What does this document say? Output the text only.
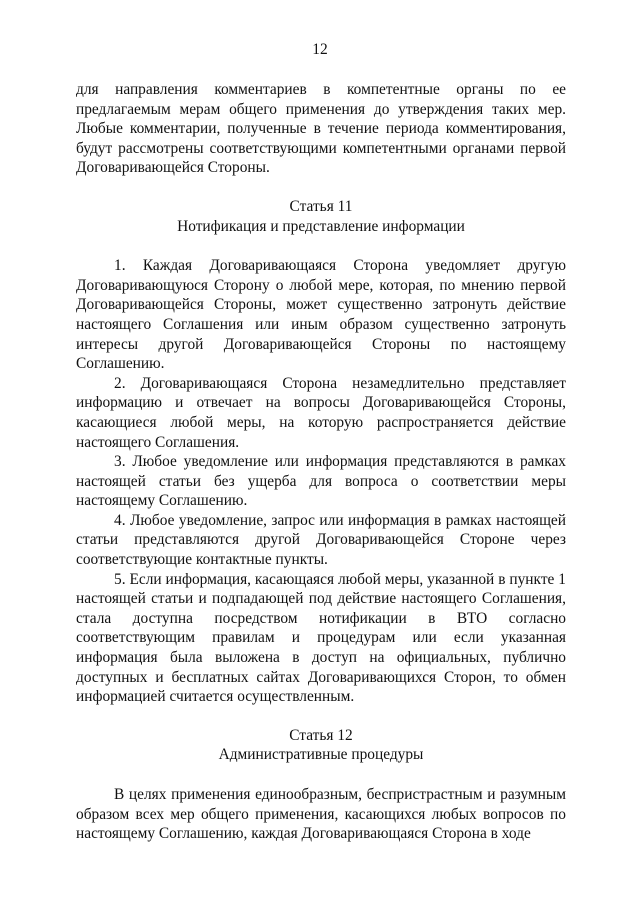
12

для направления комментариев в компетентные органы по ее предлагаемым мерам общего применения до утверждения таких мер. Любые комментарии, полученные в течение периода комментирования, будут рассмотрены соответствующими компетентными органами первой Договаривающейся Стороны.

Статья 11

Нотификация и представление информации

1. Каждая Договаривающаяся Сторона уведомляет другую Договаривающуюся Сторону о любой мере, которая, по мнению первой Договаривающейся Стороны, может существенно затронуть действие настоящего Соглашения или иным образом существенно затронуть интересы другой Договаривающейся Стороны по настоящему Соглашению.

2. Договаривающаяся Сторона незамедлительно представляет информацию и отвечает на вопросы Договаривающейся Стороны, касающиеся любой меры, на которую распространяется действие настоящего Соглашения.

3. Любое уведомление или информация представляются в рамках настоящей статьи без ущерба для вопроса о соответствии меры настоящему Соглашению.

4. Любое уведомление, запрос или информация в рамках настоящей статьи представляются другой Договаривающейся Стороне через соответствующие контактные пункты.

5. Если информация, касающаяся любой меры, указанной в пункте 1 настоящей статьи и подпадающей под действие настоящего Соглашения, стала доступна посредством нотификации в ВТО согласно соответствующим правилам и процедурам или если указанная информация была выложена в доступ на официальных, публично доступных и бесплатных сайтах Договаривающихся Сторон, то обмен информацией считается осуществленным.

Статья 12

Административные процедуры

В целях применения единообразным, беспристрастным и разумным образом всех мер общего применения, касающихся любых вопросов по настоящему Соглашению, каждая Договаривающаяся Сторона в ходе
